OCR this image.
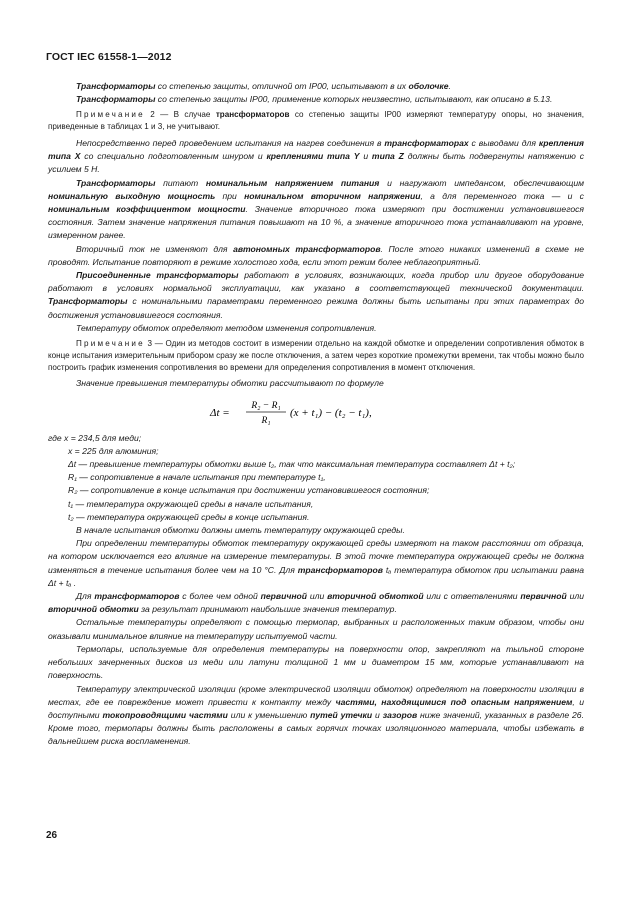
ГОСТ IEC 61558-1—2012

Трансформаторы со степенью защиты, отличной от IP00, испытывают в их оболочке.

Трансформаторы со степенью защиты IP00, применение которых неизвестно, испытывают, как описано в 5.13.

Примечание 2 — В случае трансформаторов со степенью защиты IP00 измеряют температуру опоры, но значения, приведенные в таблицах 1 и 3, не учитывают.

Непосредственно перед проведением испытания на нагрев соединения в трансформаторах с выводами для крепления типа X со специально подготовленным шнуром и креплениями типа Y и типа Z должны быть подвергнуты натяжению с усилием 5 Н.

Трансформаторы питают номинальным напряжением питания и нагружают импедансом, обеспечивающим номинальную выходную мощность при номинальном вторичном напряжении, а для переменного тока — и с номинальным коэффициентом мощности. Значение вторичного тока измеряют при достижении установившегося состояния. Затем значение напряжения питания повышают на 10 %, а значение вторичного тока устанавливают на уровне, измеренном ранее.

Вторичный ток не изменяют для автономных трансформаторов. После этого никаких изменений в схеме не проводят. Испытание повторяют в режиме холостого хода, если этот режим более неблагоприятный.

Присоединенные трансформаторы работают в условиях, возникающих, когда прибор или другое оборудование работают в условиях нормальной эксплуатации, как указано в соответствующей технической документации. Трансформаторы с номинальными параметрами переменного режима должны быть испытаны при этих параметрах до достижения установившегося состояния.

Температуру обмоток определяют методом изменения сопротивления.

Примечание 3 — Один из методов состоит в измерении отдельно на каждой обмотке и определении сопротивления обмоток в конце испытания измерительным прибором сразу же после отключения, а затем через короткие промежутки времени, так чтобы можно было построить график изменения сопротивления во времени для определения сопротивления в момент отключения.

Значение превышения температуры обмотки рассчитывают по формуле

Δt =
R₂ − R₁
R₁
(x + t₁) − (t₂ − t₁),

где x = 234,5 для меди;

x = 225 для алюминия;

Δt — превышение температуры обмотки выше t₂, так что максимальная температура составляет Δt + t₂;

R₁ — сопротивление в начале испытания при температуре t₁,

R₂ — сопротивление в конце испытания при достижении установившегося состояния;

t₁ — температура окружающей среды в начале испытания,

t₂ — температура окружающей среды в конце испытания.

В начале испытания обмотки должны иметь температуру окружающей среды.

При определении температуры обмоток температуру окружающей среды измеряют на таком расстоянии от образца, на котором исключается его влияние на измерение температуры. В этой точке температура окружающей среды не должна изменяться в течение испытания более чем на 10 °С. Для трансформаторов tₐ температура обмоток при испытании равна Δt + tₐ .

Для трансформаторов с более чем одной первичной или вторичной обмоткой или с ответвлениями первичной или вторичной обмотки за результат принимают наибольшие значения температур.

Остальные температуры определяют с помощью термопар, выбранных и расположенных таким образом, чтобы они оказывали минимальное влияние на температуру испытуемой части.

Термопары, используемые для определения температуры на поверхности опор, закрепляют на тыльной стороне небольших зачерненных дисков из меди или латуни толщиной 1 мм и диаметром 15 мм, которые устанавливают на поверхность.

Температуру электрической изоляции (кроме электрической изоляции обмоток) определяют на поверхности изоляции в местах, где ее повреждение может привести к контакту между частями, находящимися под опасным напряжением, и доступными токопроводящими частями или к уменьшению путей утечки и зазоров ниже значений, указанных в разделе 26. Кроме того, термопары должны быть расположены в самых горячих точках изоляционного материала, чтобы избежать в дальнейшем риска воспламенения.

26
